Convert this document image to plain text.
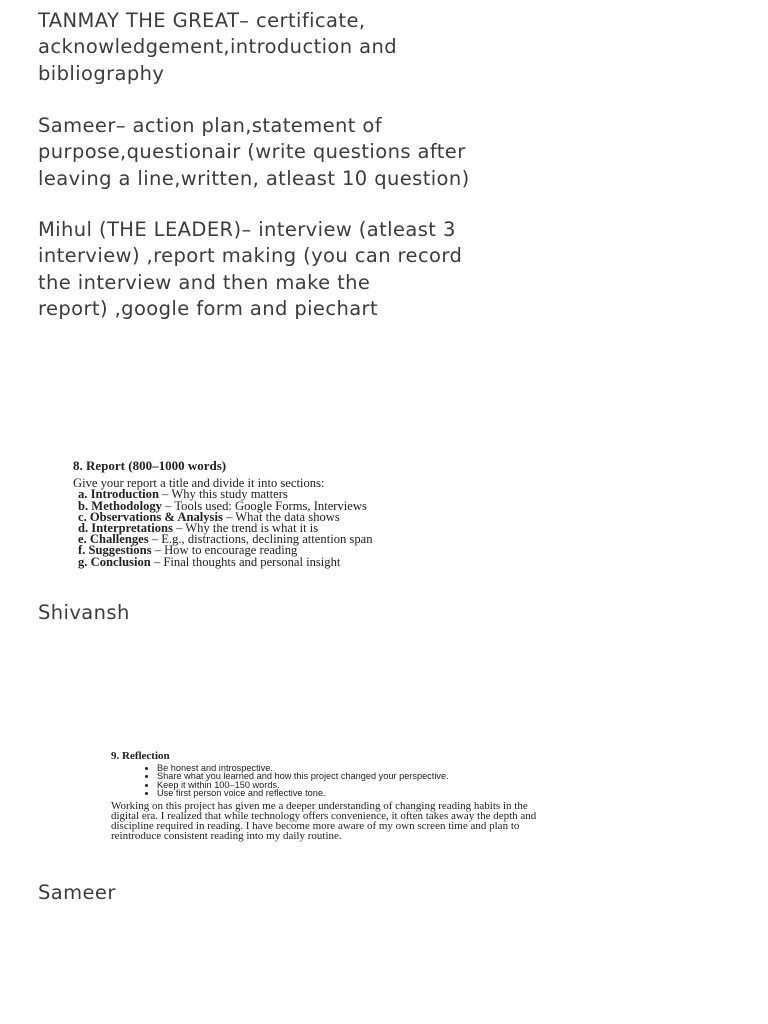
TANMAY THE GREAT– certificate,
acknowledgement,introduction and
bibliography

Sameer– action plan,statement of
purpose,questionair (write questions after
leaving a line,written, atleast 10 question)

Mihul (THE LEADER)– interview (atleast 3
interview) ,report making (you can record
the interview and then make the
report) ,google form and piechart

8. Report (800–1000 words)
Give your report a title and divide it into sections:
a. Introduction – Why this study matters
b. Methodology – Tools used: Google Forms, Interviews
c. Observations & Analysis – What the data shows
d. Interpretations – Why the trend is what it is
e. Challenges – E.g., distractions, declining attention span
f. Suggestions – How to encourage reading
g. Conclusion – Final thoughts and personal insight

Shivansh

9. Reflection
• Be honest and introspective.
• Share what you learned and how this project changed your perspective.
• Keep it within 100–150 words.
• Use first person voice and reflective tone.
Working on this project has given me a deeper understanding of changing reading habits in the
digital era. I realized that while technology offers convenience, it often takes away the depth and
discipline required in reading. I have become more aware of my own screen time and plan to
reintroduce consistent reading into my daily routine.

Sameer
